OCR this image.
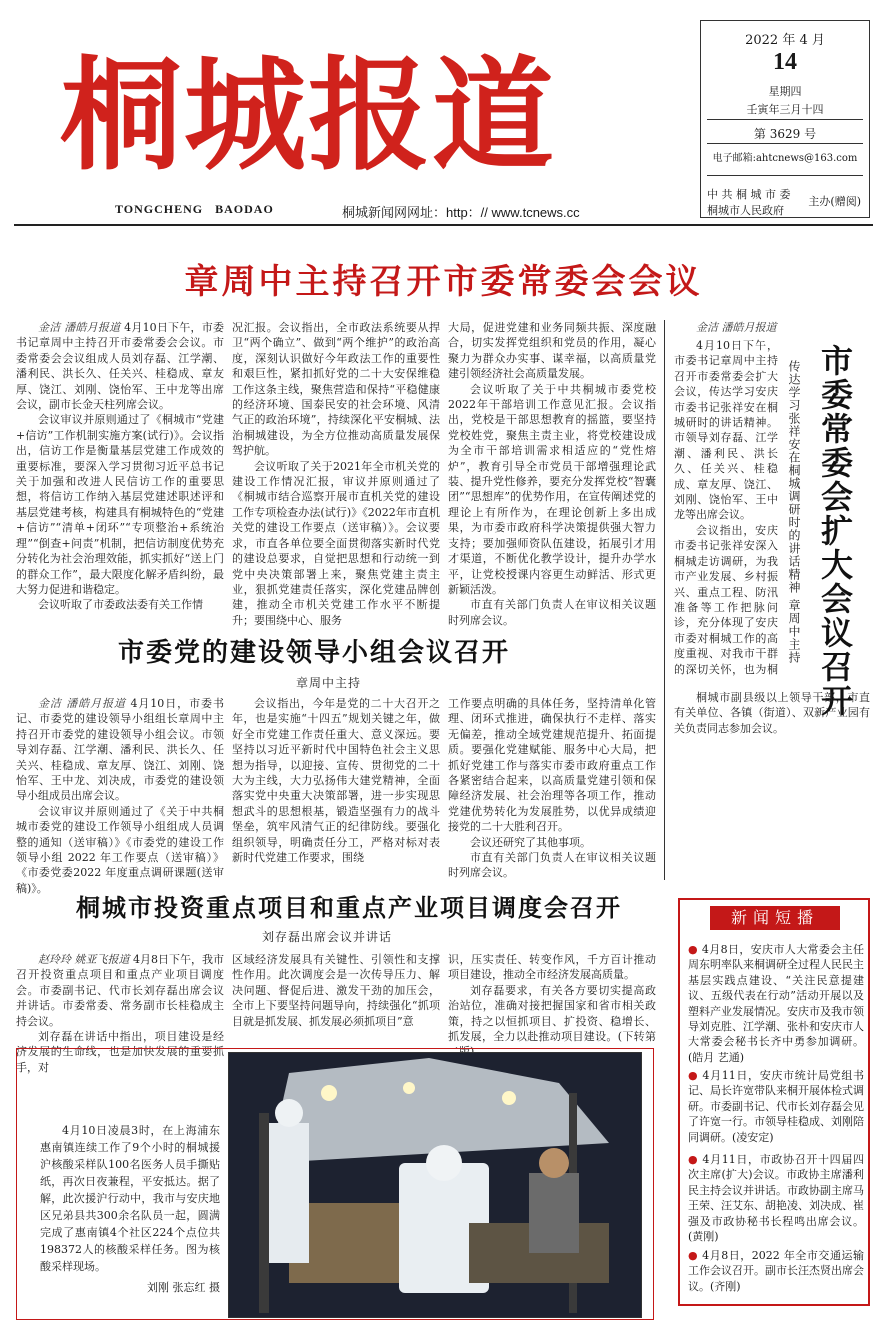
桐城报道
TONGCHENG BAODAO	桐城新闻网网址：http：// www.tcnews.cc
2022 年 4 月
14
星期四
壬寅年三月十四
第 3629 号
电子邮箱:ahtcnews@163.com
中 共 桐 城 市 委
桐城市人民政府
主办(赠阅)
章周中主持召开市委常委会会议

金洁 潘皓月报道 4月10日下午，市委书记章周中主持召开市委常委会会议。市委常委会会议组成人员刘存磊、江学潮、潘利民、洪长久、任关兴、桂稳成、章友厚、饶江、刘刚、饶怡军、王中龙等出席会议，副市长金天柱列席会议。

会议审议并原则通过了《桐城市“党建+信访”工作机制实施方案(试行)》。会议指出，信访工作是衡量基层党建工作成效的重要标准，要深入学习贯彻习近平总书记关于加强和改进人民信访工作的重要思想，将信访工作纳入基层党建述职述评和基层党建考核，构建具有桐城特色的“党建+信访”“清单+闭环”“专项整治+系统治理”“倒查+问责”机制，把信访制度优势充分转化为社会治理效能，抓实抓好“送上门的群众工作”，最大限度化解矛盾纠纷，最大努力促进和谐稳定。

会议听取了市委政法委有关工作情

况汇报。会议指出，全市政法系统要从捍卫“两个确立”、做到“两个维护”的政治高度，深刻认识做好今年政法工作的重要性和艰巨性，紧扣抓好党的二十大安保维稳工作这条主线，聚焦营造和保持“平稳健康的经济环境、国泰民安的社会环境、风清气正的政治环境”，持续深化平安桐城、法治桐城建设，为全方位推动高质量发展保驾护航。

会议听取了关于2021年全市机关党的建设工作情况汇报，审议并原则通过了《桐城市结合巡察开展市直机关党的建设工作专项检查办法(试行)》《2022年市直机关党的建设工作要点（送审稿）》。会议要求，市直各单位要全面贯彻落实新时代党的建设总要求，自觉把思想和行动统一到党中央决策部署上来，聚焦党建主责主业，狠抓党建责任落实，深化党建品牌创建，推动全市机关党建工作水平不断提升；要围绕中心、服务

大局，促进党建和业务同频共振、深度融合，切实发挥党组织和党员的作用，凝心聚力为群众办实事、谋幸福，以高质量党建引领经济社会高质量发展。

会议听取了关于中共桐城市委党校2022年干部培训工作意见汇报。会议指出，党校是干部思想教育的摇篮，要坚持党校姓党，聚焦主责主业，将党校建设成为全市干部培训需求相适应的“党性熔炉”，教育引导全市党员干部增强理论武装、提升党性修养，要充分发挥党校“智囊团”“思想库”的优势作用，在宣传阐述党的理论上有所作为，在理论创新上多出成果，为市委市政府科学决策提供强大智力支持；要加强师资队伍建设，拓展引才用才渠道，不断优化教学设计，提升办学水平，让党校授课内容更生动鲜活、形式更新颖活泼。

市直有关部门负责人在审议相关议题时列席会议。

金洁 潘皓月报道

市委常委会扩大会议召开
传达学习张祥安在桐城调研时的讲话精神 章周中主持

4月10日下午，市委书记章周中主持召开市委常委会扩大会议，传达学习安庆市委书记张祥安在桐城研时的讲话精神。市领导刘存磊、江学潮、潘利民、洪长久、任关兴、桂稳成、章友厚、饶江、刘刚、饶怡军、王中龙等出席会议。

会议指出，安庆市委书记张祥安深入桐城走访调研，为我市产业发展、乡村振兴、重点工程、防汛准备等工作把脉问诊，充分体现了安庆市委对桐城工作的高度重视、对我市干群的深切关怀，也为桐

桐城市副县级以上领导干部，市直有关单位、各镇（街道）、双新产业园有关负责同志参加会议。

市委党的建设领导小组会议召开
章周中主持

金洁 潘皓月报道 4月10日，市委书记、市委党的建设领导小组组长章周中主持召开市委党的建设领导小组会议。市领导刘存磊、江学潮、潘利民、洪长久、任关兴、桂稳成、章友厚、饶江、刘刚、饶怡军、王中龙、刘决成，市委党的建设领导小组成员出席会议。

会议审议并原则通过了《关于中共桐城市委党的建设工作领导小组组成人员调整的通知（送审稿）》《市委党的建设工作领导小组 2022 年工作要点（送审稿）》《市委党委2022 年度重点调研课题(送审稿)》。

会议指出，今年是党的二十大召开之年，也是实施“十四五”规划关键之年，做好全市党建工作责任重大、意义深远。要坚持以习近平新时代中国特色社会主义思想为指导，以迎接、宣传、贯彻党的二十大为主线，大力弘扬伟大建党精神，全面落实党中央重大决策部署，进一步实现思想武斗的思想根基，锻造坚强有力的战斗堡垒，筑牢风清气正的纪律防线。要强化组织领导，明确责任分工，严格对标对表新时代党建工作要求，围绕

工作要点明确的具体任务，坚持清单化管理、闭环式推进，确保执行不走样、落实无偏差，推动全域党建规范提升、拓面提质。要强化党建赋能、服务中心大局，把抓好党建工作与落实市委市政府重点工作各紧密结合起来，以高质量党建引领和保障经济发展、社会治理等各项工作，推动党建优势转化为发展胜势，以优异成绩迎接党的二十大胜利召开。

会议还研究了其他事项。

市直有关部门负责人在审议相关议题时列席会议。

桐城市投资重点项目和重点产业项目调度会召开
刘存磊出席会议并讲话

赵玲玲 姚亚飞报道 4月8日下午，我市召开投资重点项目和重点产业项目调度会。市委副书记、代市长刘存磊出席会议并讲话。市委常委、常务副市长桂稳成主持会议。

刘存磊在讲话中指出，项目建设是经济发展的生命线，也是加快发展的重要抓手，对

区域经济发展具有关键性、引领性和支撑性作用。此次调度会是一次传导压力、解决问题、督促后进、激发干劲的加压会，全市上下要坚持问题导向，持续强化“抓项目就是抓发展、抓发展必须抓项目”意

识，压实责任、转变作风，千方百计推动项目建设，推动全市经济发展高质量。

刘存磊要求，有关各方要切实提高政治站位，准确对接把握国家和省市相关政策，持之以恒抓项目、扩投资、稳增长、抓发展，全力以赴推动项目建设。(下转第

4月10日凌晨3时，在上海浦东惠南镇连续工作了9个小时的桐城援沪核酸采样队100名医务人员手撕贴纸，再次日夜兼程，平安抵达。据了解，此次援沪行动中，我市与安庆地区兄弟县共300余名队员一起，圆满完成了惠南镇4个社区224个点位共198372人的核酸采样任务。图为核酸采样现场。

刘刚 张忘红 摄
新闻短播
● 4月8日，安庆市人大常委会主任周东明率队来桐调研全过程人民民主基层实践点建设、“关注民意提建议、五级代表在行动”活动开展以及塑料产业发展情况。安庆市及我市领导刘克胜、江学潮、张朴和安庆市人大常委会秘书长齐中勇参加调研。(皓月 艺通)
● 4月11日，安庆市统计局党组书记、局长许宽带队来桐开展体检式调研。市委副书记、代市长刘存磊会见了许宽一行。市领导桂稳成、刘刚陪同调研。(凌安定)
● 4月11日，市政协召开十四届四次主席(扩大)会议。市政协主席潘利民主持会议并讲话。市政协副主席马王荣、汪艾东、胡艳凌、刘决成、崔强及市政协秘书长程鸣出席会议。(黄刚)
● 4月8日，2022 年全市交通运输工作会议召开。副市长汪杰贤出席会议。(齐刚)
